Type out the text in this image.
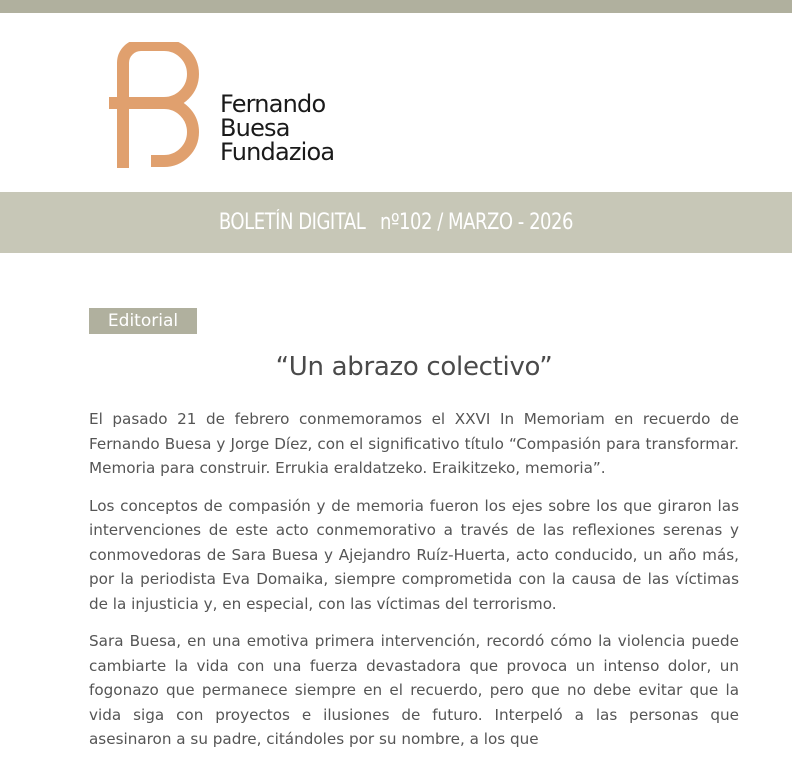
Fernando
Buesa
Fundazioa
BOLETÍN DIGITAL nº102 / MARZO - 2026
Editorial
“Un abrazo colectivo”

El pasado 21 de febrero conmemoramos el XXVI In Memoriam en recuerdo de Fernando Buesa y Jorge Díez, con el significativo título “Compasión para transformar. Memoria para construir. Errukia eraldatzeko. Eraikitzeko, memoria”.

Los conceptos de compasión y de memoria fueron los ejes sobre los que giraron las intervenciones de este acto conmemorativo a través de las reflexiones serenas y conmovedoras de Sara Buesa y Ajejandro Ruíz-Huerta, acto conducido, un año más, por la periodista Eva Domaika, siempre comprometida con la causa de las víctimas de la injusticia y, en especial, con las víctimas del terrorismo.

Sara Buesa, en una emotiva primera intervención, recordó cómo la violencia puede cambiarte la vida con una fuerza devastadora que provoca un intenso dolor, un fogonazo que permanece siempre en el recuerdo, pero que no debe evitar que la vida siga con proyectos e ilusiones de futuro. Interpeló a las personas que asesinaron a su padre, citándoles por su nombre, a los que
